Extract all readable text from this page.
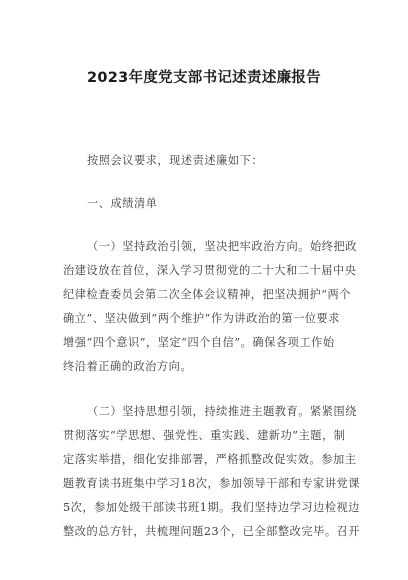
2023年度党支部书记述责述廉报告
按照会议要求，现述责述廉如下：
一、成绩清单
（一）坚持政治引领，坚决把牢政治方向。始终把政
治建设放在首位，深入学习贯彻党的二十大和二十届中央
纪律检查委员会第二次全体会议精神，把坚决拥护“两个
确立”、坚决做到“两个维护”作为讲政治的第一位要求
增强“四个意识”，坚定“四个自信”。确保各项工作始
终沿着正确的政治方向。
（二）坚持思想引领，持续推进主题教育。紧紧围绕
贯彻落实“学思想、强党性、重实践、建新功”主题，制
定落实举措，细化安排部署，严格抓整改促实效。参加主
题教育读书班集中学习18次，参加领导干部和专家讲党课
5次，参加处级干部读书班1期。我们坚持边学习边检视边
整改的总方针，共梳理问题23个，已全部整改完毕。召开
